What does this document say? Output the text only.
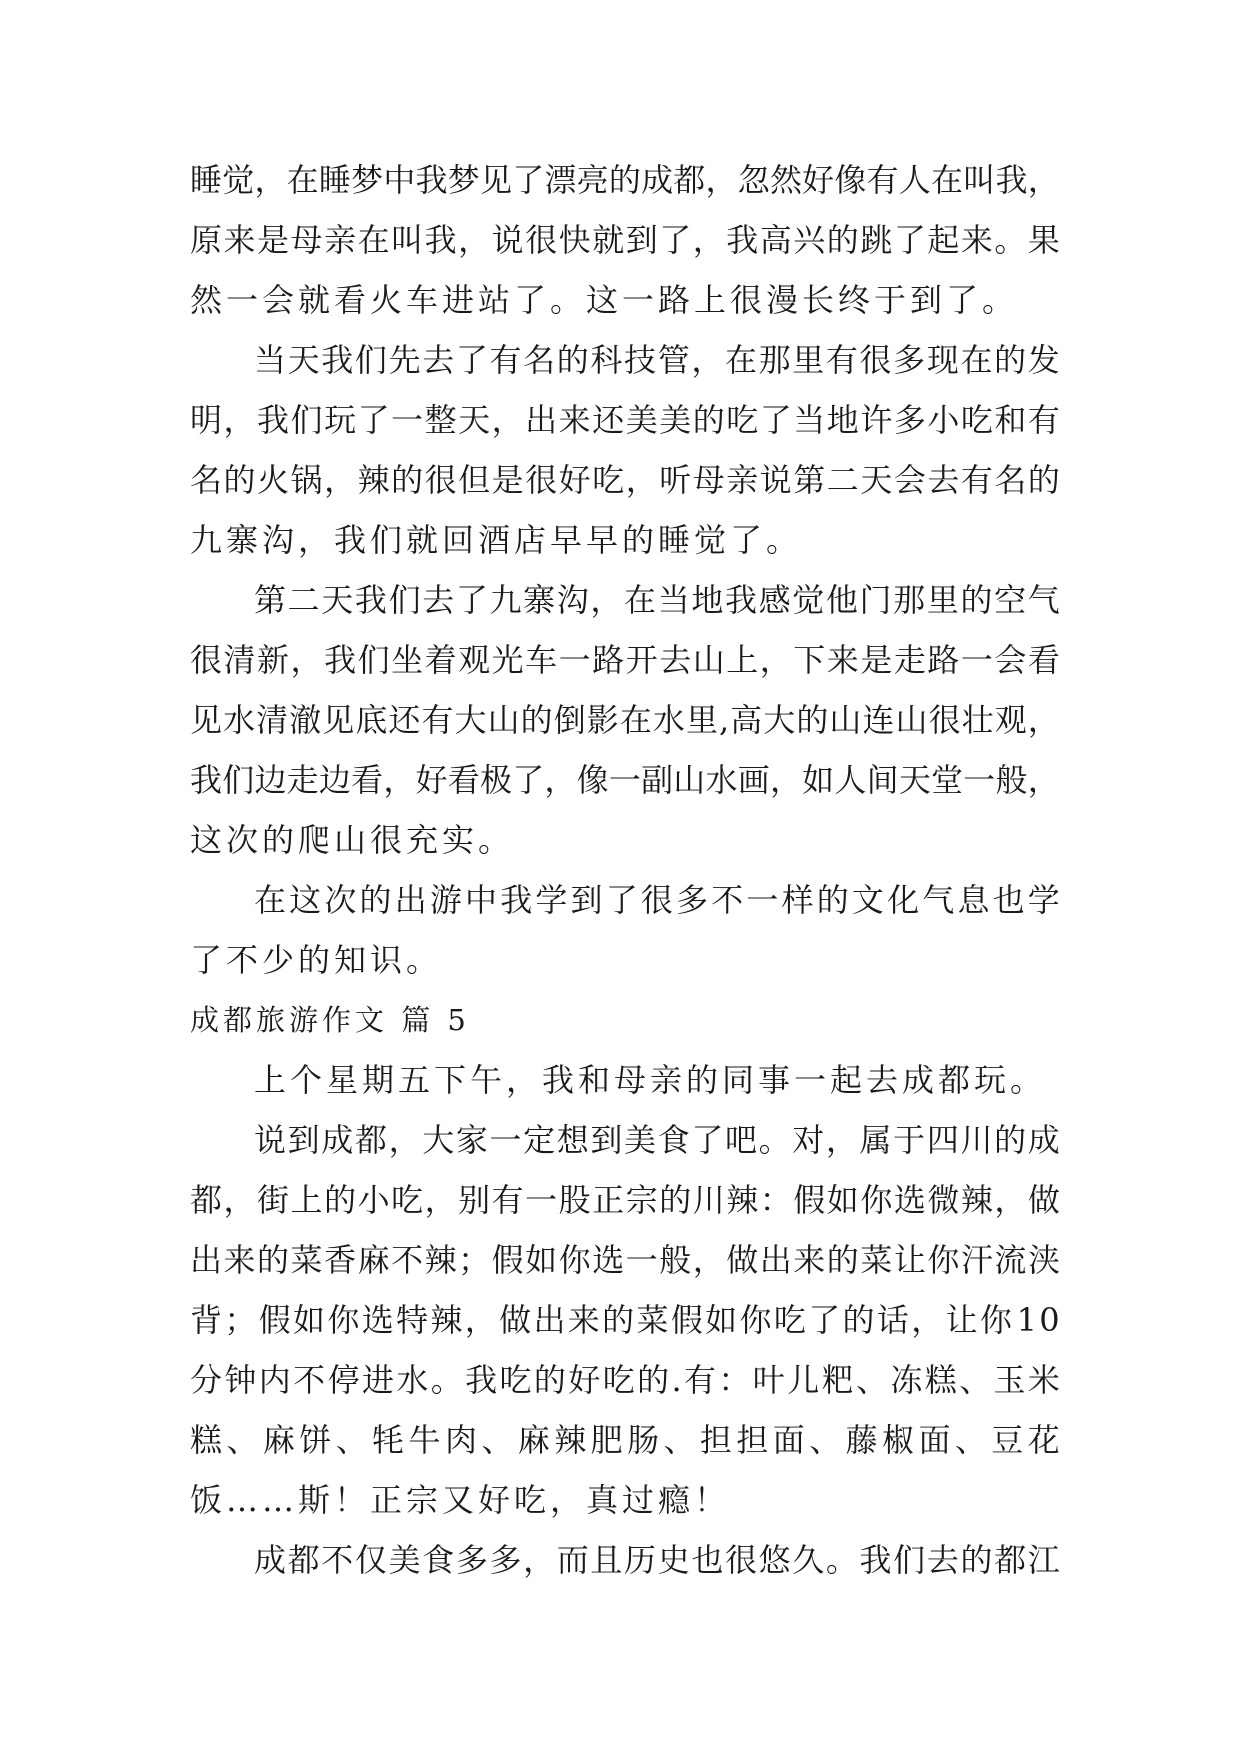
睡 觉 ， 在 睡 梦 中 我 梦 见 了 漂 亮 的 成 都 ， 忽 然 好 像 有 人 在 叫 我 ，
原 来 是 母 亲 在 叫 我 ， 说 很 快 就 到 了 ， 我 高 兴 的 跳 了 起 来 。 果
然一会就看火车进站了。这一路上很漫长终于到了。
当 天 我 们 先 去 了 有 名 的 科 技 管 ， 在 那 里 有 很 多 现 在 的 发
明 ， 我 们 玩 了 一 整 天 ， 出 来 还 美 美 的 吃 了 当 地 许 多 小 吃 和 有
名 的 火 锅 ， 辣 的 很 但 是 很 好 吃 ， 听 母 亲 说 第 二 天 会 去 有 名 的
九寨沟，我们就回酒店早早的睡觉了。
第 二 天 我 们 去 了 九 寨 沟 ， 在 当 地 我 感 觉 他 门 那 里 的 空 气
很 清 新 ， 我 们 坐 着 观 光 车 一 路 开 去 山 上 ， 下 来 是 走 路 一 会 看
见 水 清 澈 见 底 还 有 大 山 的 倒 影 在 水 里 , 高 大 的 山 连 山 很 壮 观 ，
我 们 边 走 边 看 ， 好 看 极 了 ， 像 一 副 山 水 画 ， 如 人 间 天 堂 一 般 ，
这次的爬山很充实。
在 这 次 的 出 游 中 我 学 到 了 很 多 不 一 样 的 文 化 气 息 也 学
了不少的知识。
成都旅游作文 篇 5
上个星期五下午，我和母亲的同事一起去成都玩。
说 到 成 都 ， 大 家 一 定 想 到 美 食 了 吧 。 对 ， 属 于 四 川 的 成
都 ， 街 上 的 小 吃 ， 别 有 一 股 正 宗 的 川 辣 ： 假 如 你 选 微 辣 ， 做
出 来 的 菜 香 麻 不 辣 ； 假 如 你 选 一 般 ， 做 出 来 的 菜 让 你 汗 流 浃
背 ； 假 如 你 选 特 辣 ， 做 出 来 的 菜 假 如 你 吃 了 的 话 ， 让 你 1 0
分 钟 内 不 停 进 水 。 我 吃 的 好 吃 的 . 有 ： 叶 儿 粑 、 冻 糕 、 玉 米
糕 、 麻 饼 、 牦 牛 肉 、 麻 辣 肥 肠 、 担 担 面 、 藤 椒 面 、 豆 花
饭……斯！正宗又好吃，真过瘾！
成 都 不 仅 美 食 多 多 ， 而 且 历 史 也 很 悠 久 。 我 们 去 的 都 江
